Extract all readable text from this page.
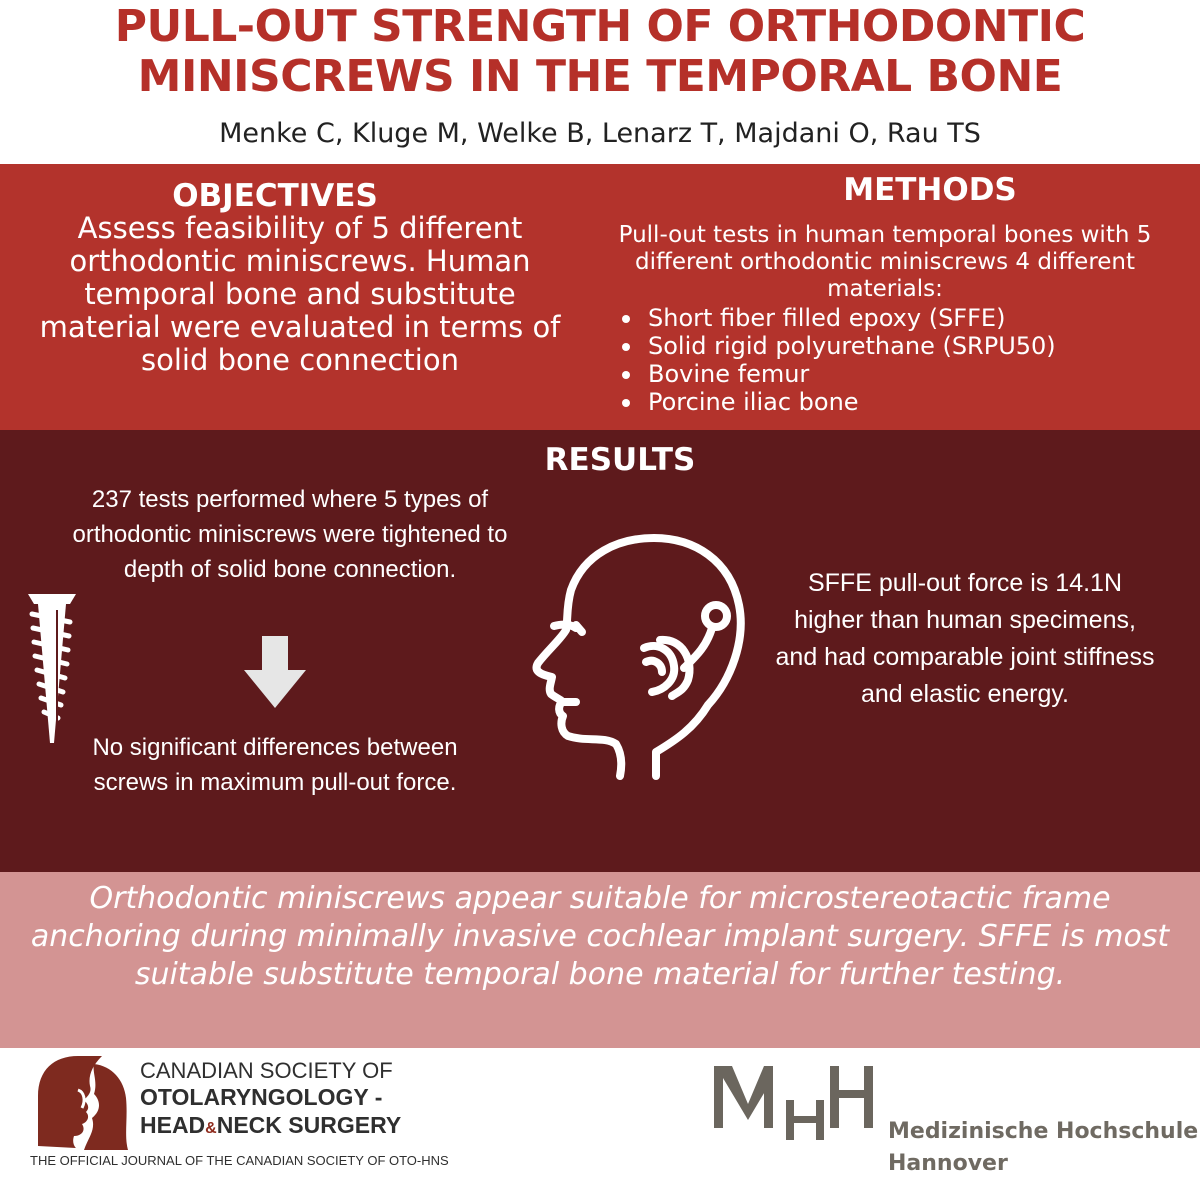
PULL-OUT STRENGTH OF ORTHODONTIC
MINISCREWS IN THE TEMPORAL BONE
Menke C, Kluge M, Welke B, Lenarz T, Majdani O, Rau TS
OBJECTIVES

Assess feasibility of 5 different orthodontic miniscrews. Human temporal bone and substitute material were evaluated in terms of solid bone connection

METHODS

Pull-out tests in human temporal bones with 5 different orthodontic miniscrews 4 different materials:

Short fiber filled epoxy (SFFE)
Solid rigid polyurethane (SRPU50)
Bovine femur
Porcine iliac bone
RESULTS

237 tests performed where 5 types of orthodontic miniscrews were tightened to depth of solid bone connection.

No significant differences between screws in maximum pull-out force.

SFFE pull-out force is 14.1N higher than human specimens, and had comparable joint stiffness and elastic energy.

Orthodontic miniscrews appear suitable for microstereotactic frame anchoring during minimally invasive cochlear implant surgery. SFFE is most suitable substitute temporal bone material for further testing.

CANADIAN SOCIETY OF
OTOLARYNGOLOGY -
HEAD&NECK SURGERY
THE OFFICIAL JOURNAL OF THE CANADIAN SOCIETY OF OTO-HNS
Medizinische Hochschule
Hannover
